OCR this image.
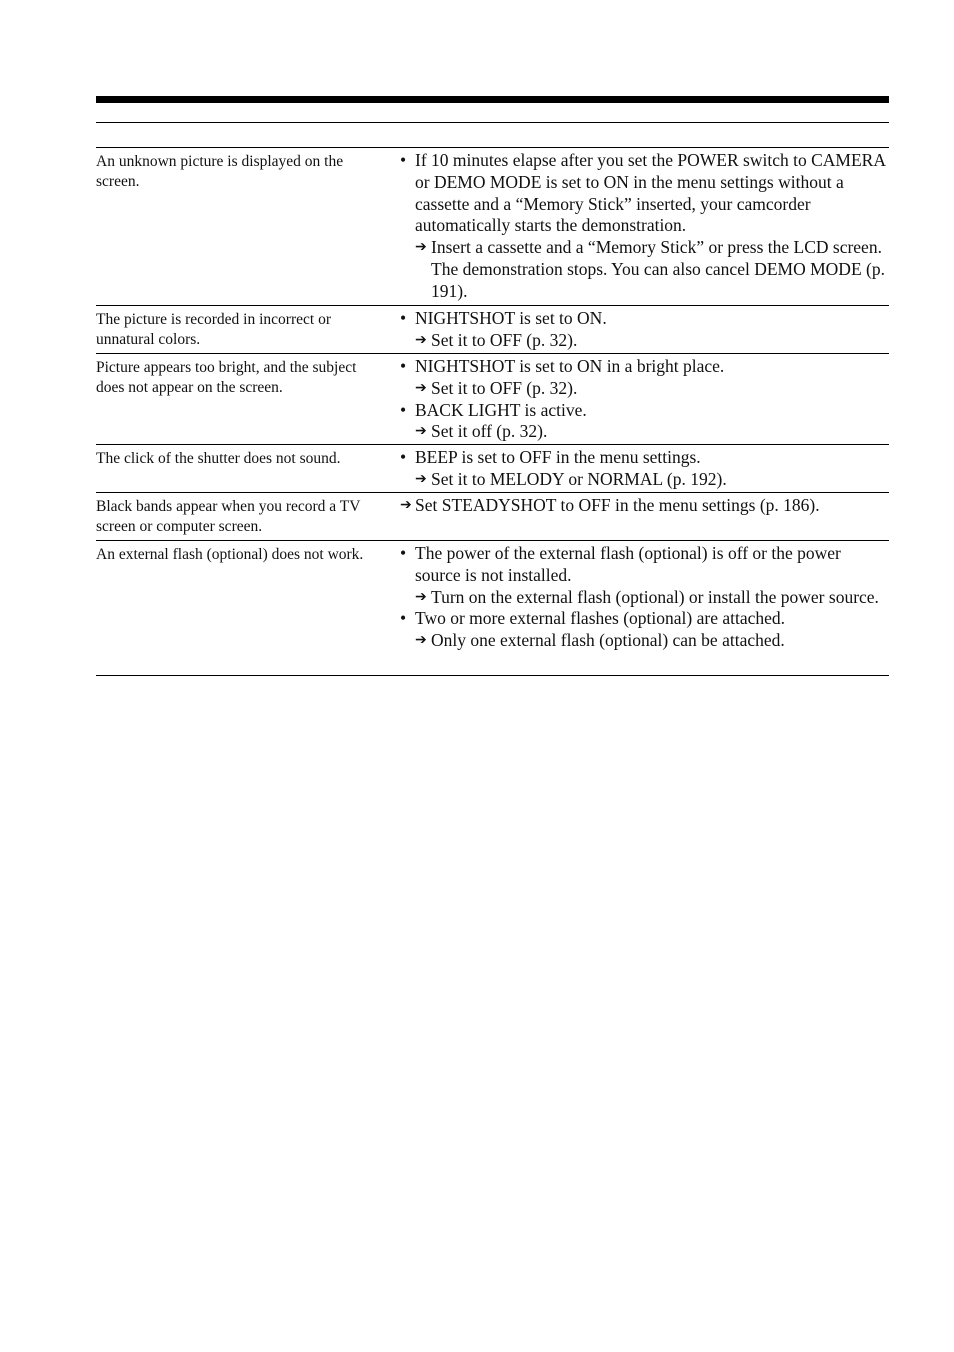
An unknown picture is displayed on the screen.
• If 10 minutes elapse after you set the POWER switch to CAMERA or DEMO MODE is set to ON in the menu settings without a cassette and a “Memory Stick” inserted, your camcorder automatically starts the demonstration.
➔ Insert a cassette and a “Memory Stick” or press the LCD screen. The demonstration stops. You can also cancel DEMO MODE (p. 191).
The picture is recorded in incorrect or unnatural colors.
• NIGHTSHOT is set to ON.
➔ Set it to OFF (p. 32).
Picture appears too bright, and the subject does not appear on the screen.
• NIGHTSHOT is set to ON in a bright place.
➔ Set it to OFF (p. 32).
• BACK LIGHT is active.
➔ Set it off (p. 32).
The click of the shutter does not sound.	• BEEP is set to OFF in the menu settings.
➔ Set it to MELODY or NORMAL (p. 192).
Black bands appear when you record a TV screen or computer screen.
➔ Set STEADYSHOT to OFF in the menu settings (p. 186).
An external flash (optional) does not work.	• The power of the external flash (optional) is off or the power source is not installed.
➔ Turn on the external flash (optional) or install the power source.
• Two or more external flashes (optional) are attached.
➔ Only one external flash (optional) can be attached.
